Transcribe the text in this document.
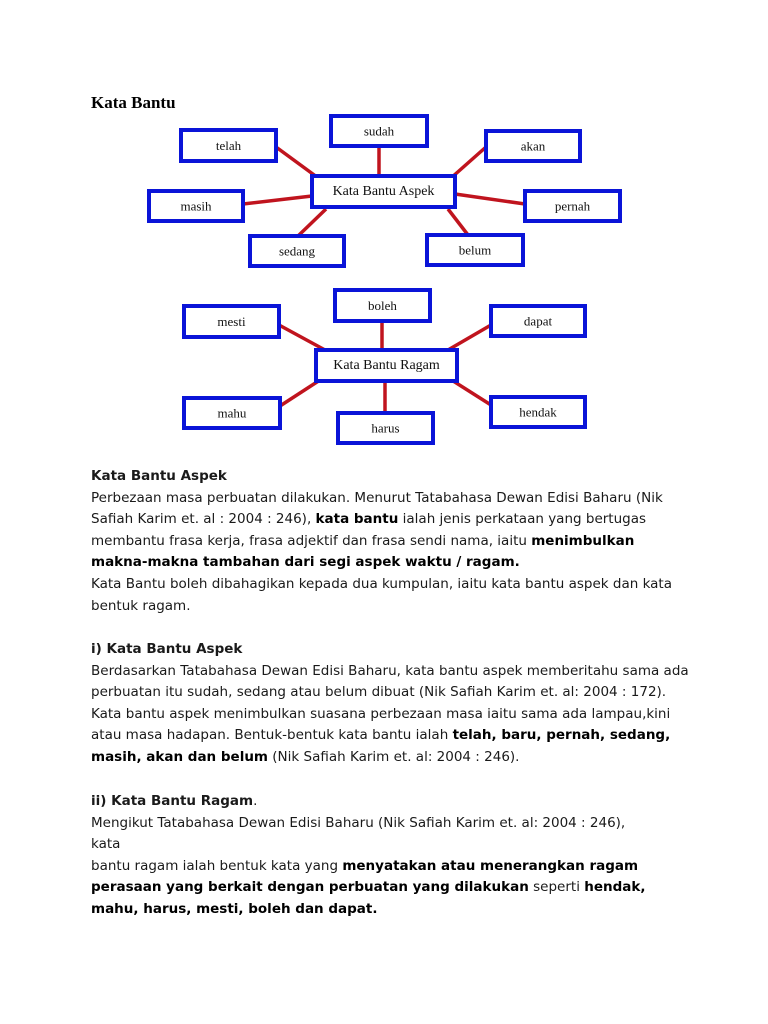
Kata Bantu
telah
sudah
akan
Kata Bantu Aspek
masih	pernah
sedang	belum
mesti
boleh
dapat
Kata Bantu Ragam
mahu
harus
hendak

Kata Bantu Aspek

Perbezaan masa perbuatan dilakukan. Menurut Tatabahasa Dewan Edisi Baharu (Nik Safiah Karim et. al : 2004 : 246), kata bantu ialah jenis perkataan yang bertugas membantu frasa kerja, frasa adjektif dan frasa sendi nama, iaitu menimbulkan makna-makna tambahan dari segi aspek waktu / ragam.

Kata Bantu boleh dibahagikan kepada dua kumpulan, iaitu kata bantu aspek dan kata bentuk ragam.

i) Kata Bantu Aspek

Berdasarkan Tatabahasa Dewan Edisi Baharu, kata bantu aspek memberitahu sama ada perbuatan itu sudah, sedang atau belum dibuat (Nik Safiah Karim et. al: 2004 : 172). Kata bantu aspek menimbulkan suasana perbezaan masa iaitu sama ada lampau,kini atau masa hadapan. Bentuk-bentuk kata bantu ialah telah, baru, pernah, sedang, masih, akan dan belum (Nik Safiah Karim et. al: 2004 : 246).

ii) Kata Bantu Ragam.

Mengikut Tatabahasa Dewan Edisi Baharu (Nik Safiah Karim et. al: 2004 : 246), kata

bantu ragam ialah bentuk kata yang menyatakan atau menerangkan ragam perasaan yang berkait dengan perbuatan yang dilakukan seperti hendak, mahu, harus, mesti, boleh dan dapat.
